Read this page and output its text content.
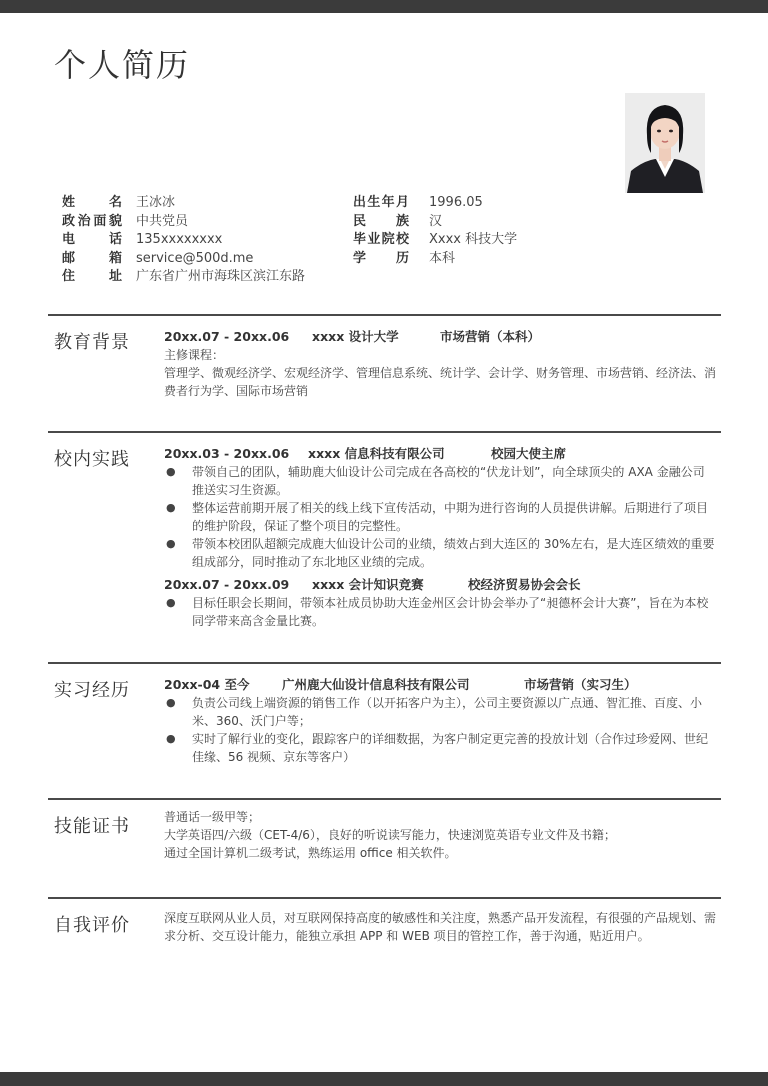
个人简历
姓名 王冰冰
政治面貌 中共党员
电话 135xxxxxxxx
邮箱 service@500d.me
住址 广东省广州市海珠区滨江东路
出生年月 1996.05
民族 汉
毕业院校 Xxxx 科技大学
学历 本科
教育背景	20xx.07 - 20xx.06	xxxx 设计大学	市场营销（本科）
主修课程：
管理学、微观经济学、宏观经济学、管理信息系统、统计学、会计学、财务管理、市场营销、经济法、消费者行为学、国际市场营销
校内实践	20xx.03 - 20xx.06	xxxx 信息科技有限公司	校园大使主席
●	带领自己的团队，辅助鹿大仙设计公司完成在各高校的“伏龙计划”，向全球顶尖的 AXA 金融公司推送实习生资源。
●	整体运营前期开展了相关的线上线下宣传活动，中期为进行咨询的人员提供讲解。后期进行了项目的维护阶段，保证了整个项目的完整性。
●	带领本校团队超额完成鹿大仙设计公司的业绩，绩效占到大连区的 30%左右，是大连区绩效的重要组成部分，同时推动了东北地区业绩的完成。
20xx.07 - 20xx.09	xxxx 会计知识竞赛	校经济贸易协会会长
●	目标任职会长期间，带领本社成员协助大连金州区会计协会举办了“昶德杯会计大赛”，旨在为本校同学带来高含金量比赛。
实习经历	20xx-04 至今	广州鹿大仙设计信息科技有限公司	市场营销（实习生）
●	负责公司线上端资源的销售工作（以开拓客户为主），公司主要资源以广点通、智汇推、百度、小米、360、沃门户等；
●	实时了解行业的变化，跟踪客户的详细数据，为客户制定更完善的投放计划（合作过珍爱网、世纪佳缘、56 视频、京东等客户）
技能证书	普通话一级甲等；
大学英语四/六级（CET-4/6），良好的听说读写能力，快速浏览英语专业文件及书籍；
通过全国计算机二级考试，熟练运用 office 相关软件。
自我评价	深度互联网从业人员，对互联网保持高度的敏感性和关注度，熟悉产品开发流程，有很强的产品规划、需求分析、交互设计能力，能独立承担 APP 和 WEB 项目的管控工作，善于沟通，贴近用户。
